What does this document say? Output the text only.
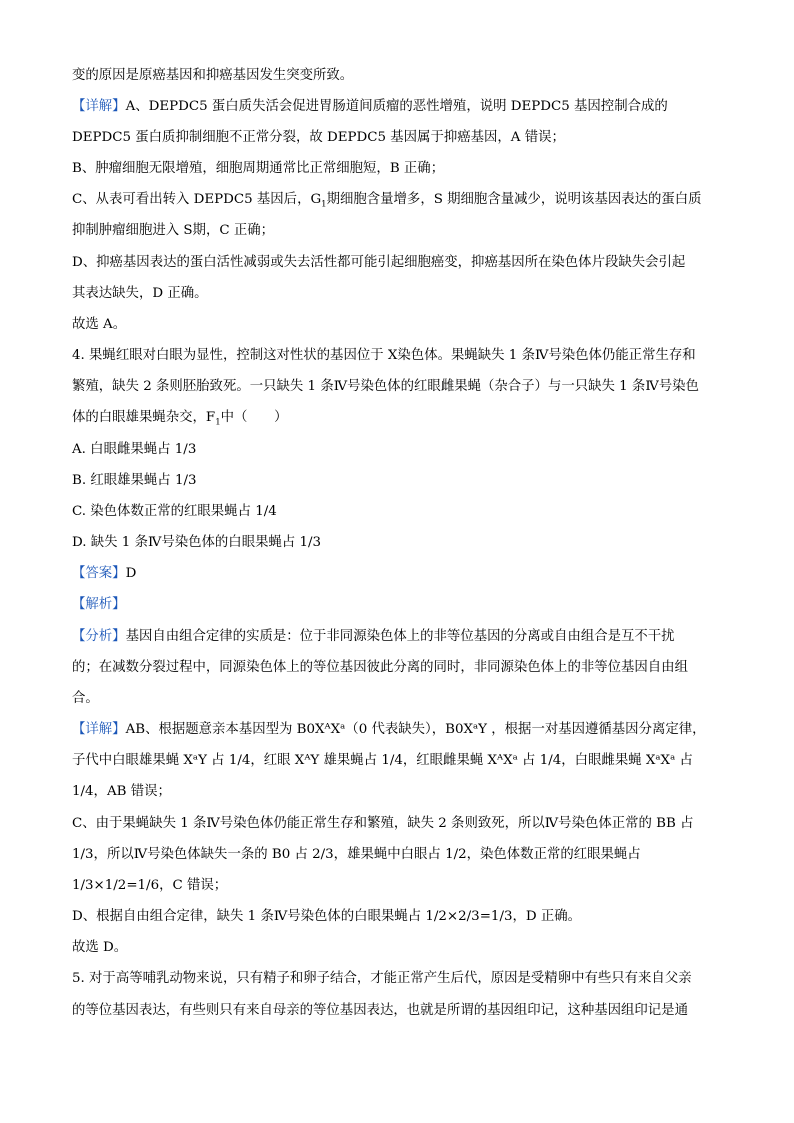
变的原因是原癌基因和抑癌基因发生突变所致。
【详解】A、DEPDC5 蛋白质失活会促进胃肠道间质瘤的恶性增殖，说明 DEPDC5 基因控制合成的
DEPDC5 蛋白质抑制细胞不正常分裂，故 DEPDC5 基因属于抑癌基因，A 错误；
B、肿瘤细胞无限增殖，细胞周期通常比正常细胞短，B 正确；
C、从表可看出转入 DEPDC5 基因后，$G_1$期细胞含量增多，S 期细胞含量减少，说明该基因表达的蛋白质
抑制肿瘤细胞进入 S期，C 正确；
D、抑癌基因表达的蛋白活性减弱或失去活性都可能引起细胞癌变，抑癌基因所在染色体片段缺失会引起
其表达缺失，D 正确。
故选 A。
4. 果蝇红眼对白眼为显性，控制这对性状的基因位于 X染色体。果蝇缺失 1 条Ⅳ号染色体仍能正常生存和
繁殖，缺失 2 条则胚胎致死。一只缺失 1 条Ⅳ号染色体的红眼雌果蝇（杂合子）与一只缺失 1 条Ⅳ号染色
体的白眼雄果蝇杂交，$F_1$中（　　）
A. 白眼雌果蝇占 1/3
B. 红眼雄果蝇占 1/3
C. 染色体数正常的红眼果蝇占 1/4
D. 缺失 1 条Ⅳ号染色体的白眼果蝇占 1/3
【答案】D
【解析】
【分析】基因自由组合定律的实质是：位于非同源染色体上的非等位基因的分离或自由组合是互不干扰
的；在减数分裂过程中，同源染色体上的等位基因彼此分离的同时，非同源染色体上的非等位基因自由组
合。
【详解】AB、根据题意亲本基因型为 B0XᴬXᵃ（0 代表缺失），B0XᵃY ，根据一对基因遵循基因分离定律，
子代中白眼雄果蝇 XᵃY 占 1/4，红眼 XᴬY 雄果蝇占 1/4，红眼雌果蝇 XᴬXᵃ 占 1/4，白眼雌果蝇 XᵃXᵃ 占
1/4，AB 错误；
C、由于果蝇缺失 1 条Ⅳ号染色体仍能正常生存和繁殖，缺失 2 条则致死，所以Ⅳ号染色体正常的 BB 占
1/3，所以Ⅳ号染色体缺失一条的 B0 占 2/3，雄果蝇中白眼占 1/2，染色体数正常的红眼果蝇占
1/3×1/2=1/6，C 错误；
D、根据自由组合定律，缺失 1 条Ⅳ号染色体的白眼果蝇占 1/2×2/3=1/3，D 正确。
故选 D。
5. 对于高等哺乳动物来说，只有精子和卵子结合，才能正常产生后代，原因是受精卵中有些只有来自父亲
的等位基因表达，有些则只有来自母亲的等位基因表达，也就是所谓的基因组印记，这种基因组印记是通
